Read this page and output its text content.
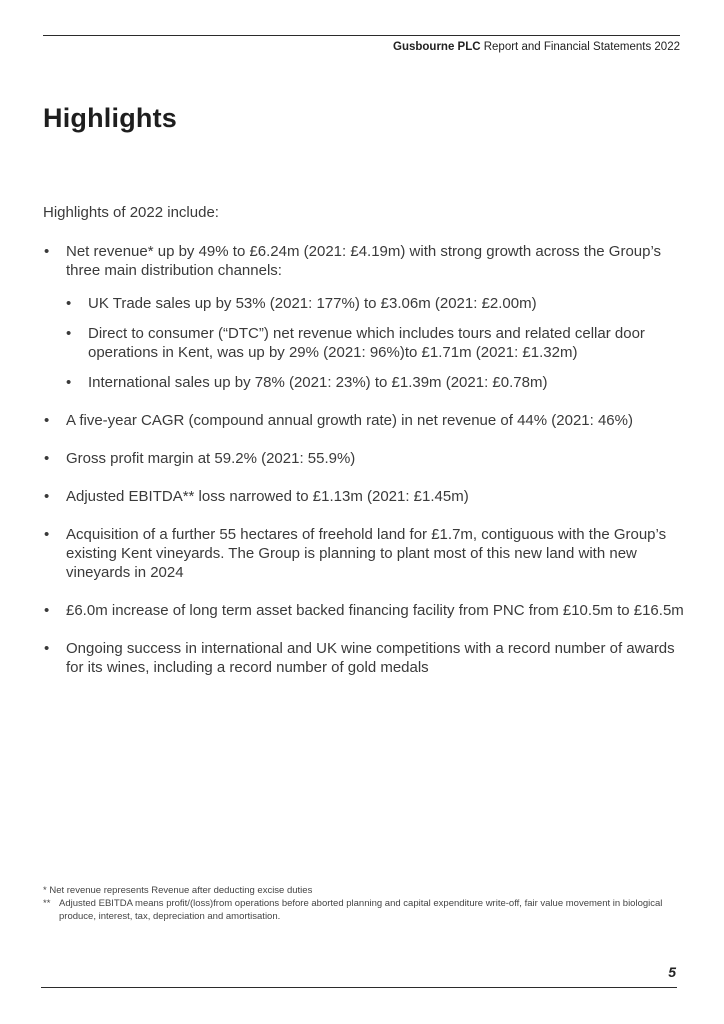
Gusbourne PLC Report and Financial Statements 2022
Highlights

Highlights of 2022 include:

• Net revenue* up by 49% to £6.24m (2021: £4.19m) with strong growth across the Group’s three main distribution channels:
• UK Trade sales up by 53% (2021: 177%) to £3.06m (2021: £2.00m)
• Direct to consumer (“DTC”) net revenue which includes tours and related cellar door operations in Kent, was up by 29% (2021: 96%)to £1.71m (2021: £1.32m)
• International sales up by 78% (2021: 23%) to £1.39m (2021: £0.78m)
• A five-year CAGR (compound annual growth rate) in net revenue of 44% (2021: 46%)
• Gross profit margin at 59.2% (2021: 55.9%)
• Adjusted EBITDA** loss narrowed to £1.13m (2021: £1.45m)
• Acquisition of a further 55 hectares of freehold land for £1.7m, contiguous with the Group’s existing Kent vineyards. The Group is planning to plant most of this new land with new vineyards in 2024
• £6.0m increase of long term asset backed financing facility from PNC from £10.5m to £16.5m
• Ongoing success in international and UK wine competitions with a record number of awards for its wines, including a record number of gold medals
* Net revenue represents Revenue after deducting excise duties
** Adjusted EBITDA means profit/(loss)from operations before aborted planning and capital expenditure write-off, fair value movement in biological produce, interest, tax, depreciation and amortisation.
5
